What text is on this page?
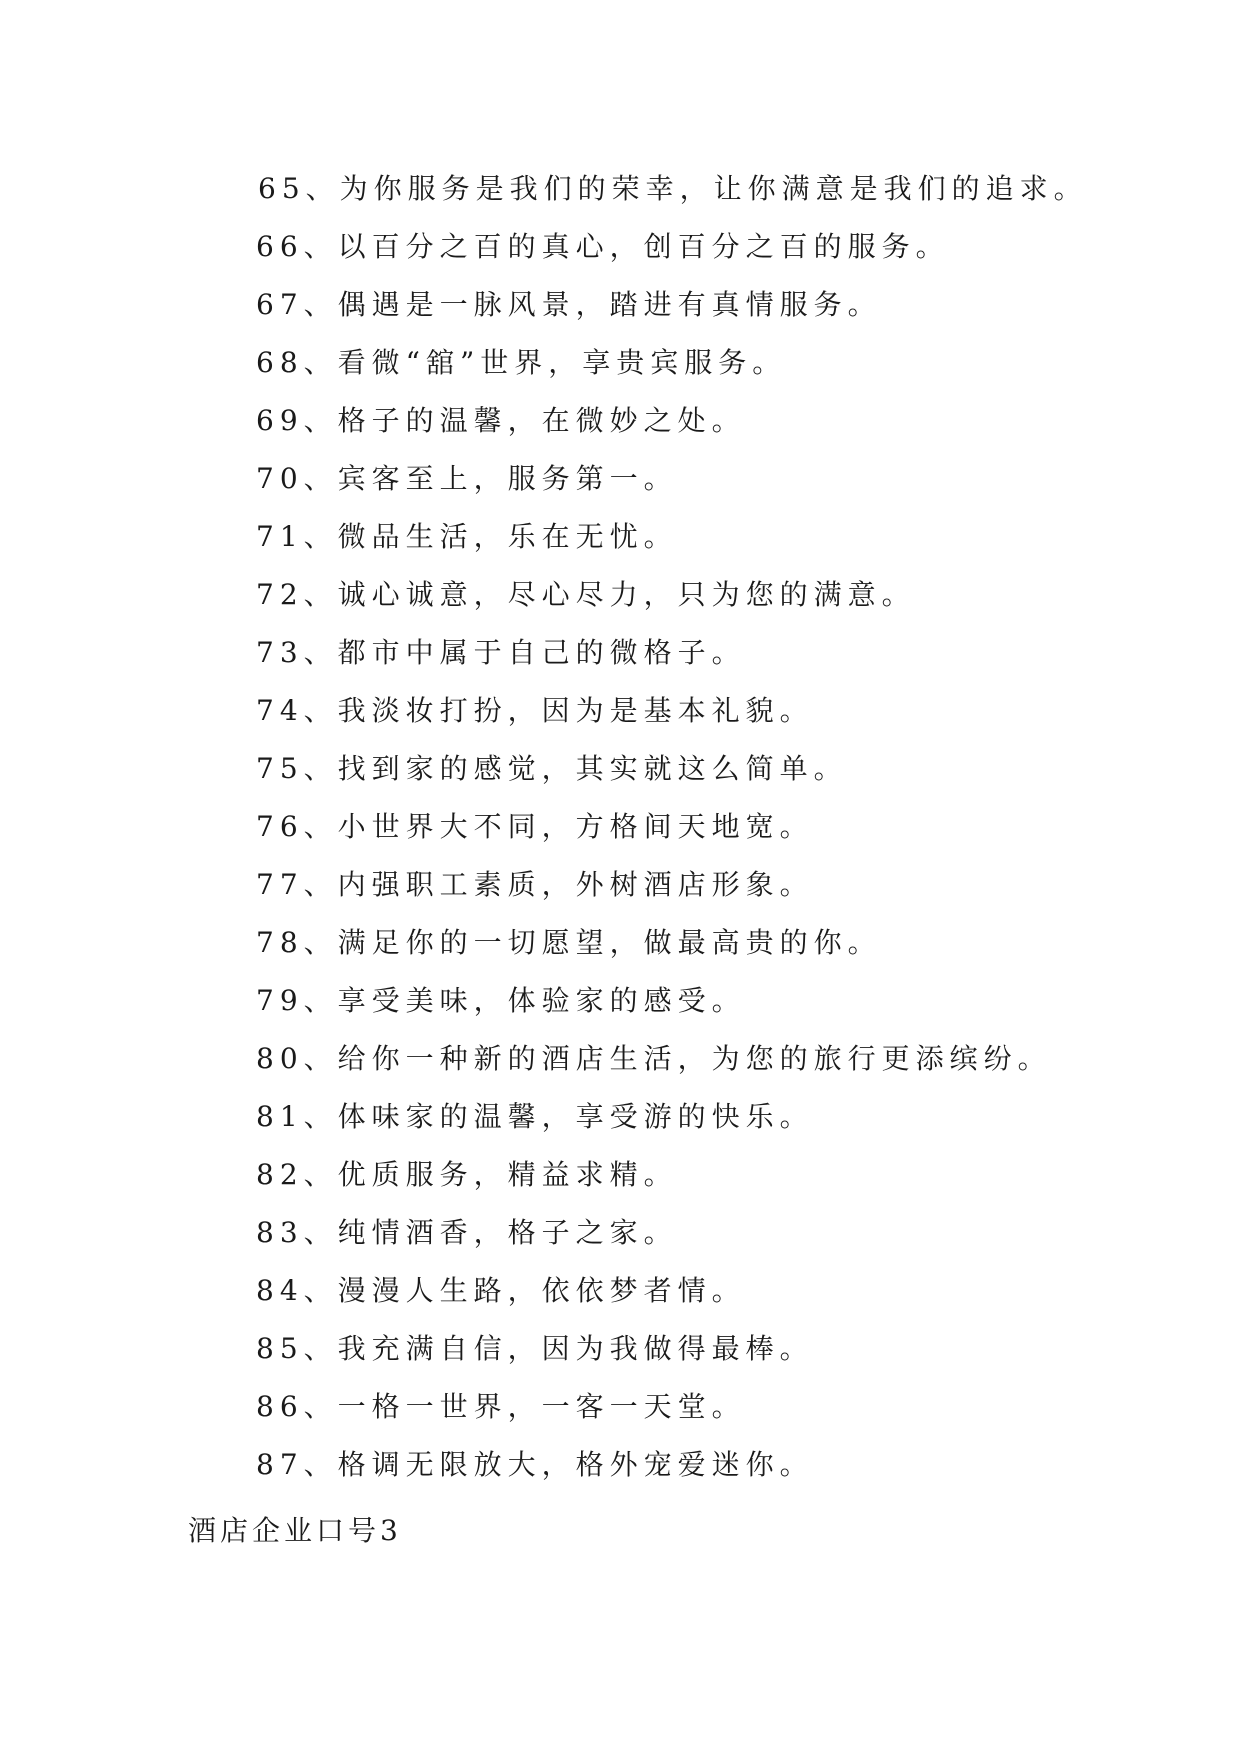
65、为你服务是我们的荣幸，让你满意是我们的追求。
66、以百分之百的真心，创百分之百的服务。
67、偶遇是一脉风景，踏进有真情服务。
68、看微“舘”世界，享贵宾服务。
69、格子的温馨，在微妙之处。
70、宾客至上，服务第一。
71、微品生活，乐在无忧。
72、诚心诚意，尽心尽力，只为您的满意。
73、都市中属于自己的微格子。
74、我淡妆打扮，因为是基本礼貌。
75、找到家的感觉，其实就这么简单。
76、小世界大不同，方格间天地宽。
77、内强职工素质，外树酒店形象。
78、满足你的一切愿望，做最高贵的你。
79、享受美味，体验家的感受。
80、给你一种新的酒店生活，为您的旅行更添缤纷。
81、体味家的温馨，享受游的快乐。
82、优质服务，精益求精。
83、纯情酒香，格子之家。
84、漫漫人生路，依依梦者情。
85、我充满自信，因为我做得最棒。
86、一格一世界，一客一天堂。
87、格调无限放大，格外宠爱迷你。
酒店企业口号3
